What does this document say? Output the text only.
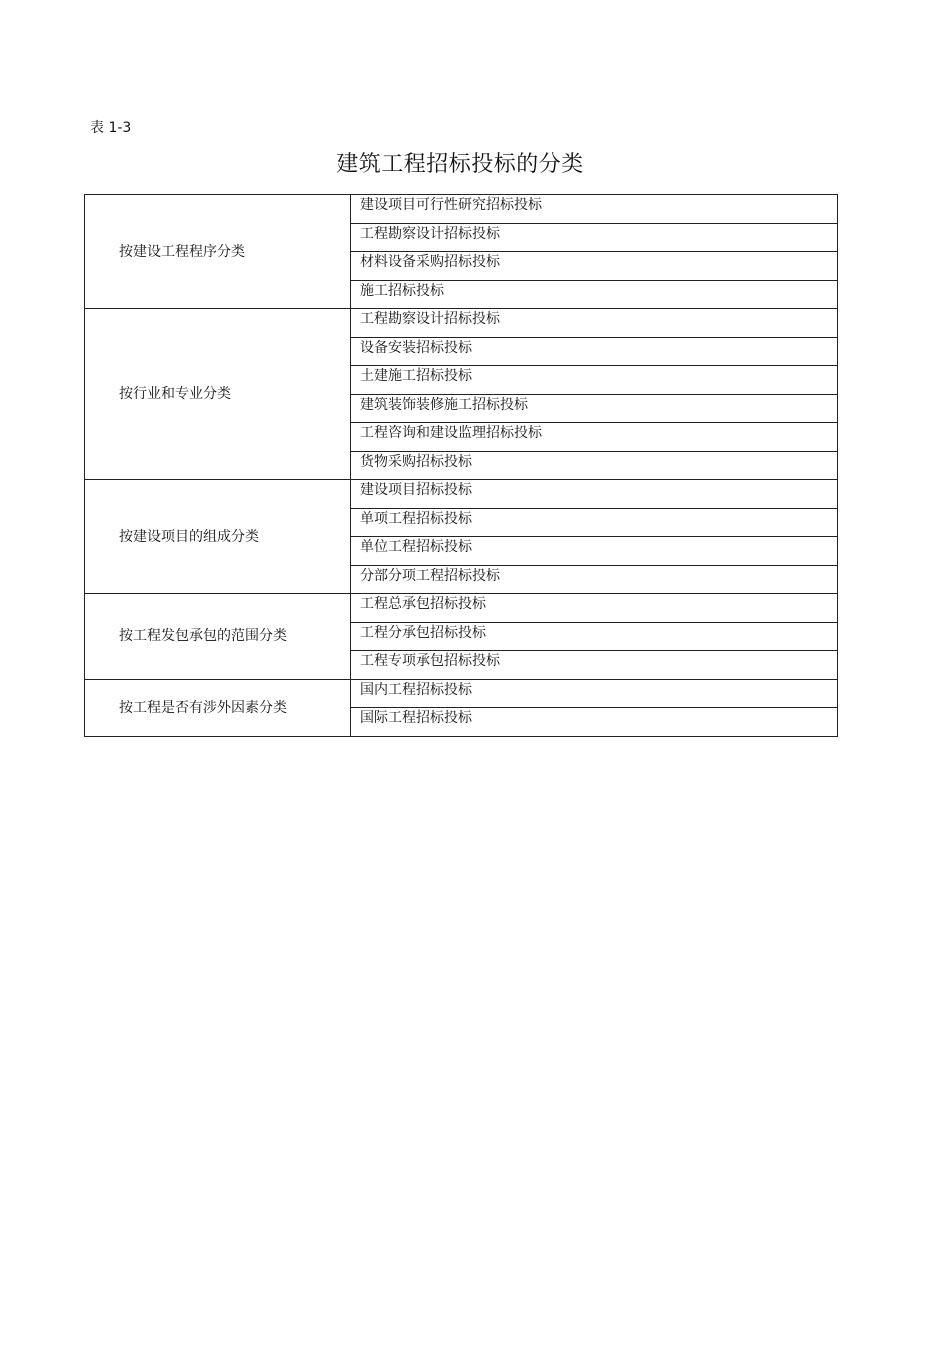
表 1-3
建筑工程招标投标的分类
按建设工程程序分类	建设项目可行性研究招标投标

	工程勘察设计招标投标

	材料设备采购招标投标

	施工招标投标

按行业和专业分类	工程勘察设计招标投标

	设备安装招标投标

	土建施工招标投标

	建筑装饰装修施工招标投标

	工程咨询和建设监理招标投标

	货物采购招标投标

按建设项目的组成分类	建设项目招标投标

	单项工程招标投标

	单位工程招标投标

	分部分项工程招标投标

按工程发包承包的范围分类	工程总承包招标投标

	工程分承包招标投标

	工程专项承包招标投标

按工程是否有涉外因素分类	国内工程招标投标

	国际工程招标投标
